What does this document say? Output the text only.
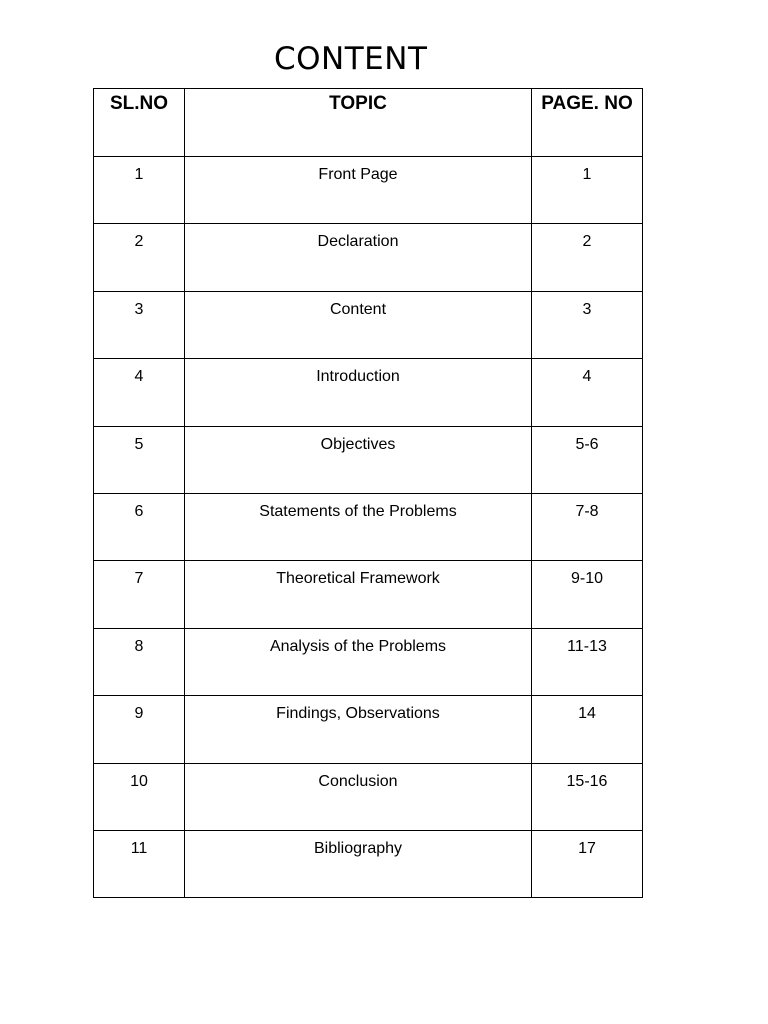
CONTENT
SL.NO	TOPIC	PAGE. NO
1	Front Page	1
2	Declaration	2
3	Content	3
4	Introduction	4
5	Objectives	5-6
6	Statements of the Problems	7-8
7	Theoretical Framework	9-10
8	Analysis of the Problems	11-13
9	Findings, Observations	14
10	Conclusion	15-16
11	Bibliography	17
